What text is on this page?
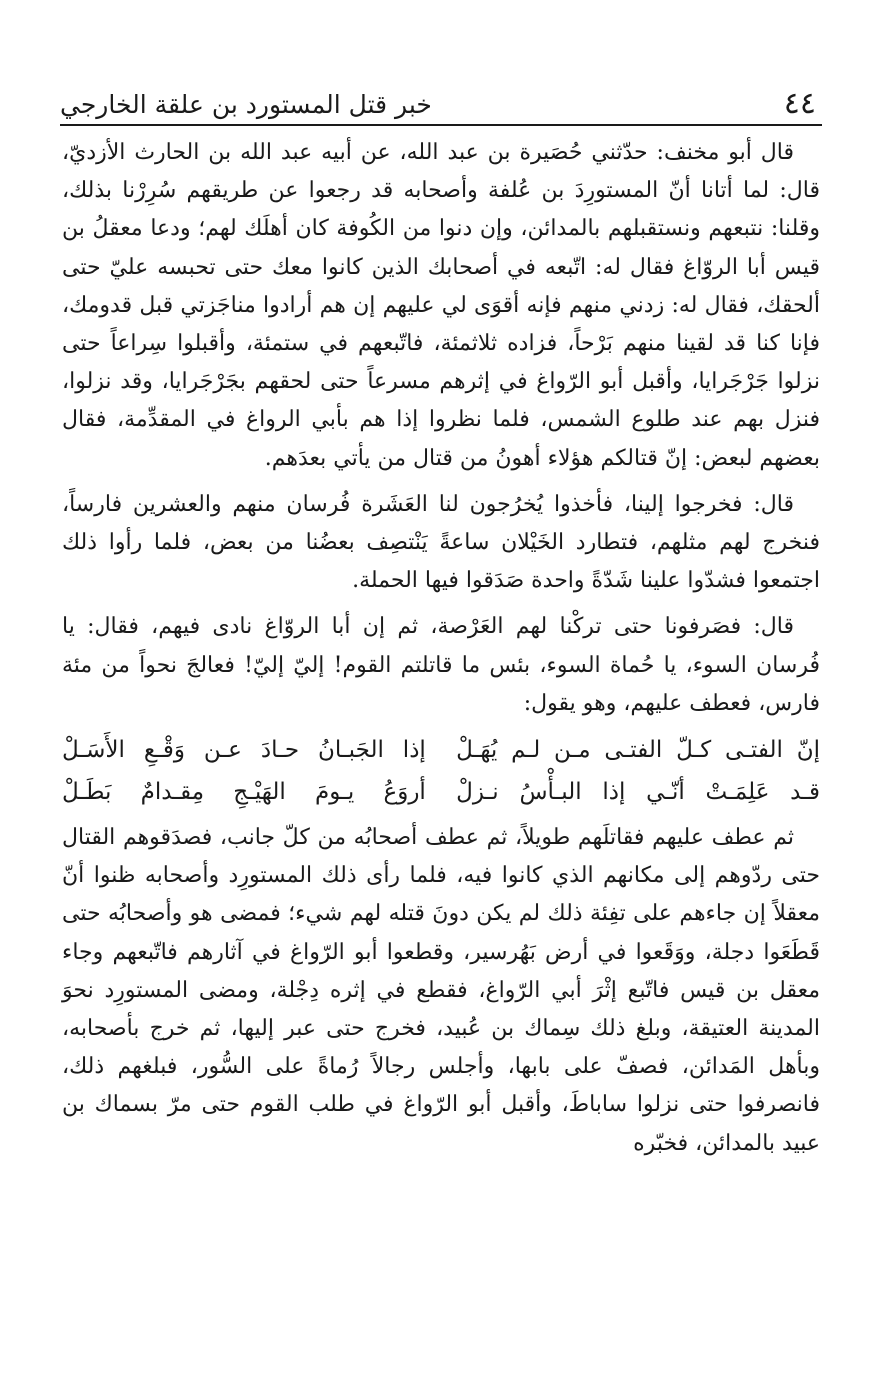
٤٤
خبر قتل المستورد بن علقة الخارجي

قال أبو مخنف: حدّثني حُصَيرة بن عبد الله، عن أبيه عبد الله بن الحارث الأزديّ، قال: لما أتانا أنّ المستورِدَ بن عُلفة وأصحابه قد رجعوا عن طريقهم سُرِرْنا بذلك، وقلنا: نتبعهم ونستقبلهم بالمدائن، وإن دنوا من الكُوفة كان أهلَك لهم؛ ودعا معقلُ بن قيس أبا الروّاغ فقال له: اتّبعه في أصحابك الذين كانوا معك حتى تحبسه عليّ حتى ألحقك، فقال له: زدني منهم فإنه أقوَى لي عليهم إن هم أرادوا مناجَزتي قبل قدومك، فإنا كنا قد لقينا منهم بَرْحاً، فزاده ثلاثمئة، فاتّبعهم في ستمئة، وأقبلوا سِراعاً حتى نزلوا جَرْجَرايا، وأقبل أبو الرّواغ في إثرهم مسرعاً حتى لحقهم بجَرْجَرايا، وقد نزلوا، فنزل بهم عند طلوع الشمس، فلما نظروا إذا هم بأبي الرواغ في المقدِّمة، فقال بعضهم لبعض: إنّ قتالكم هؤلاء أهونُ من قتال من يأتي بعدَهم.

قال: فخرجوا إلينا، فأخذوا يُخرُجون لنا العَشَرة فُرسان منهم والعشرين فارساً، فنخرج لهم مثلهم، فتطارد الخَيْلان ساعةً يَنْتصِف بعضُنا من بعض، فلما رأوا ذلك اجتمعوا فشدّوا علينا شَدّةً واحدة صَدَقوا فيها الحملة.

قال: فصَرفونا حتى تركْنا لهم العَرْصة، ثم إن أبا الروّاغ نادى فيهم، فقال: يا فُرسان السوء، يا حُماة السوء، بئس ما قاتلتم القوم! إليّ إليّ! فعالجَ نحواً من مئة فارس، فعطف عليهم، وهو يقول:

إنّ الفتـى كـلّ الفتـى مـن لـم يُهَـلْ
إذا الجَبـانُ حـادَ عـن وَقْـعِ الأَسَـلْ
قـد عَلِمَـتْ أنّـي إذا البـأْسُ نـزلْ
أروَعُ يـومَ الهَيْـجِ مِقـدامٌ بَطَـلْ

ثم عطف عليهم فقاتلَهم طويلاً، ثم عطف أصحابُه من كلّ جانب، فصدَقوهم القتال حتى ردّوهم إلى مكانهم الذي كانوا فيه، فلما رأى ذلك المستورِد وأصحابه ظنوا أنّ معقلاً إن جاءهم على تفِئة ذلك لم يكن دونَ قتله لهم شيء؛ فمضى هو وأصحابُه حتى قَطَعَوا دجلة، ووَقَعوا في أرض بَهُرسير، وقطعوا أبو الرّواغ في آثارهم فاتّبعهم وجاء معقل بن قيس فاتّبع إثْرَ أبي الرّواغ، فقطع في إثره دِجْلة، ومضى المستورِد نحوَ المدينة العتيقة، وبلغ ذلك سِماك بن عُبيد، فخرج حتى عبر إليها، ثم خرج بأصحابه، وبأهل المَدائن، فصفّ على بابها، وأجلس رجالاً رُماةً على السُّور، فبلغهم ذلك، فانصرفوا حتى نزلوا ساباطَ، وأقبل أبو الرّواغ في طلب القوم حتى مرّ بسماك بن عبيد بالمدائن، فخبّره
